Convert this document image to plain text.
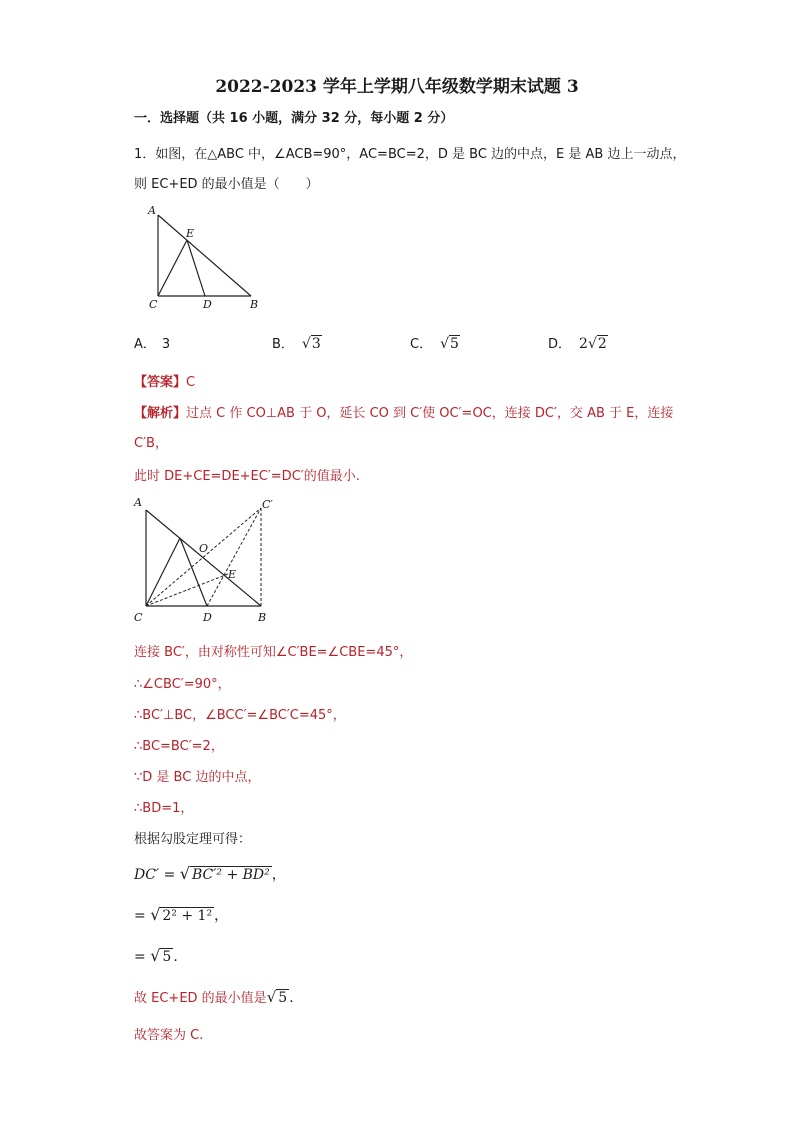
2022-2023 学年上学期八年级数学期末试题 3
一．选择题（共 16 小题，满分 32 分，每小题 2 分）
1．如图，在△ABC 中，∠ACB=90°，AC=BC=2，D 是 BC 边的中点，E 是 AB 边上一动点，
则 EC+ED 的最小值是（　　）
A
E
C	D	B
A． 3	B． √3	C． √5	D． 2√2
【答案】C
【解析】过点 C 作 CO⊥AB 于 O，延长 CO 到 C′使 OC′=OC，连接 DC′，交 AB 于 E，连接
C′B，
此时 DE+CE=DE+EC′=DC′的值最小.
A	C′
O
E
C	D	B
连接 BC′，由对称性可知∠C′BE=∠CBE=45°，
∴∠CBC′=90°，
∴BC′⊥BC，∠BCC′=∠BC′C=45°，
∴BC=BC′=2，
∵D 是 BC 边的中点，
∴BD=1，
根据勾股定理可得：
DC′ = √ BC′² + BD² ，
= √ 2² + 1² ，
= √ 5 .
故 EC+ED 的最小值是√ 5 .
故答案为 C.
